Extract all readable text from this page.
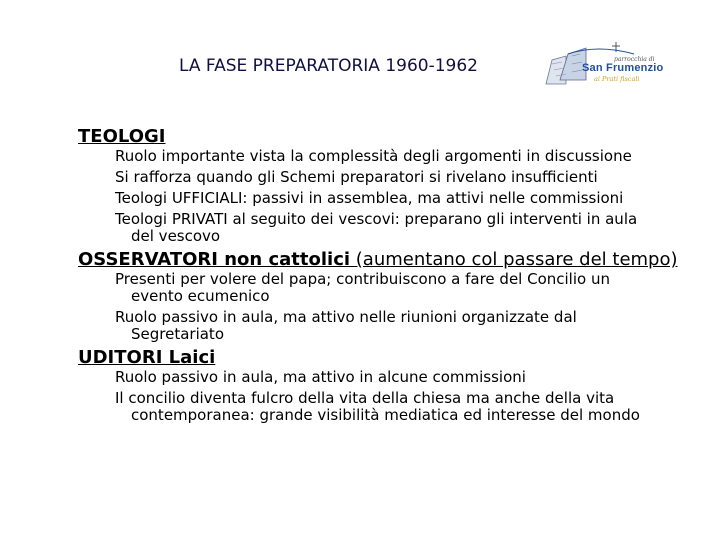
LA FASE PREPARATORIA 1960-1962	parrocchia di
San Frumenzio
ai Prati fiscali
TEOLOGI
Ruolo importante vista la complessità degli argomenti in discussione
Si rafforza quando gli Schemi preparatori si rivelano insufficienti
Teologi UFFICIALI: passivi in assemblea, ma attivi nelle commissioni
Teologi PRIVATI al seguito dei vescovi: preparano gli interventi in aula
del vescovo
OSSERVATORI non cattolici (aumentano col passare del tempo)
Presenti per volere del papa; contribuiscono a fare del Concilio un
evento ecumenico
Ruolo passivo in aula, ma attivo nelle riunioni organizzate dal
Segretariato
UDITORI Laici
Ruolo passivo in aula, ma attivo in alcune commissioni
Il concilio diventa fulcro della vita della chiesa ma anche della vita
contemporanea: grande visibilità mediatica ed interesse del mondo
